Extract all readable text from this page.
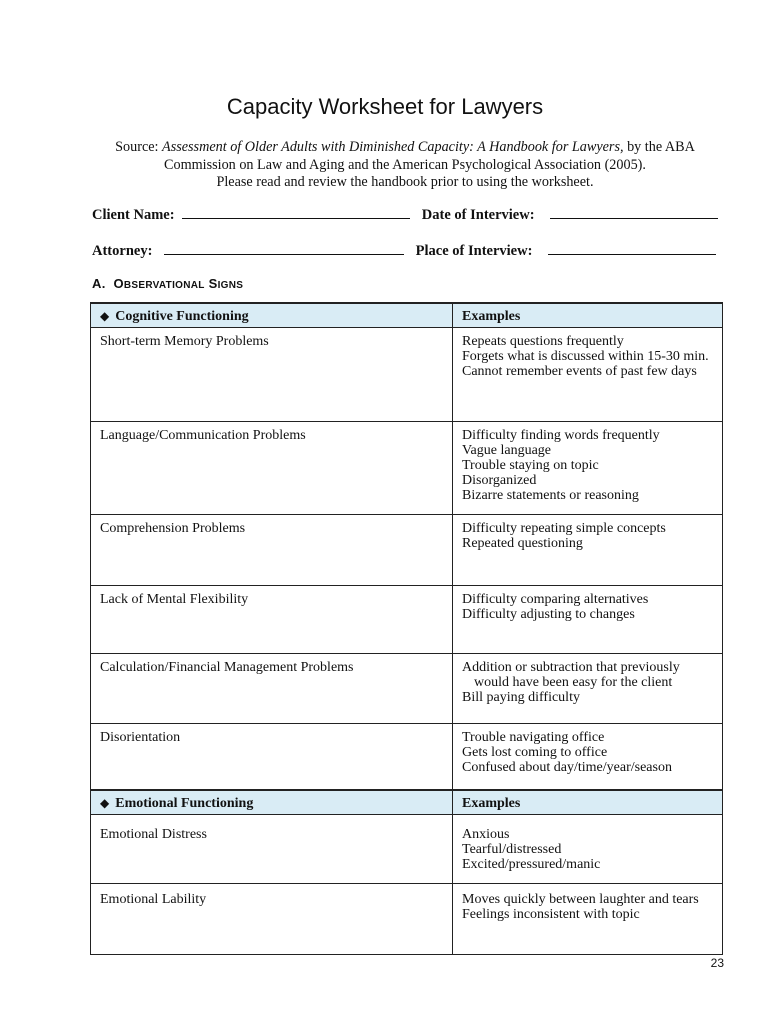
Capacity Worksheet for Lawyers
Source: Assessment of Older Adults with Diminished Capacity: A Handbook for Lawyers, by the ABA
Commission on Law and Aging and the American Psychological Association (2005).
Please read and review the handbook prior to using the worksheet.
Client Name:	Date of Interview:
Attorney:	Place of Interview:
A. OBSERVATIONAL SIGNS
◆ Cognitive Functioning	Examples
Short-term Memory Problems	Repeats questions frequently
Forgets what is discussed within 15-30 min.
Cannot remember events of past few days

Language/Communication Problems	Difficulty finding words frequently
Vague language
Trouble staying on topic
Disorganized
Bizarre statements or reasoning

Comprehension Problems	Difficulty repeating simple concepts
Repeated questioning

Lack of Mental Flexibility	Difficulty comparing alternatives
Difficulty adjusting to changes

Calculation/Financial Management Problems	Addition or subtraction that previously
would have been easy for the client
Bill paying difficulty

Disorientation	Trouble navigating office
Gets lost coming to office
Confused about day/time/year/season

◆ Emotional Functioning	Examples
Emotional Distress	Anxious
Tearful/distressed
Excited/pressured/manic

Emotional Lability	Moves quickly between laughter and tears
Feelings inconsistent with topic
23
